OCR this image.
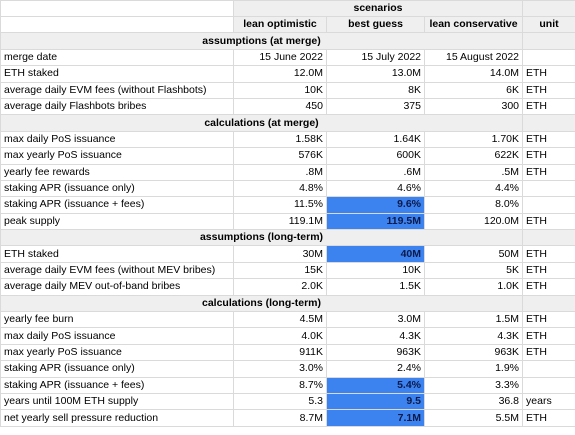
	scenarios			
	lean optimistic	best guess	lean conservative	unit
assumptions (at merge)				
merge date	15 June 2022	15 July 2022	15 August 2022	
ETH staked	12.0M	13.0M	14.0M	ETH
average daily EVM fees (without Flashbots)	10K	8K	6K	ETH
average daily Flashbots bribes	450	375	300	ETH
calculations (at merge)				
max daily PoS issuance	1.58K	1.64K	1.70K	ETH
max yearly PoS issuance	576K	600K	622K	ETH
yearly fee rewards	.8M	.6M	.5M	ETH
staking APR (issuance only)	4.8%	4.6%	4.4%	
staking APR (issuance + fees)	11.5%	9.6%	8.0%	
peak supply	119.1M	119.5M	120.0M	ETH
assumptions (long-term)				
ETH staked	30M	40M	50M	ETH
average daily EVM fees (without MEV bribes)	15K	10K	5K	ETH
average daily MEV out-of-band bribes	2.0K	1.5K	1.0K	ETH
calculations (long-term)				
yearly fee burn	4.5M	3.0M	1.5M	ETH
max daily PoS issuance	4.0K	4.3K	4.3K	ETH
max yearly PoS issuance	911K	963K	963K	ETH
staking APR (issuance only)	3.0%	2.4%	1.9%	
staking APR (issuance + fees)	8.7%	5.4%	3.3%	
years until 100M ETH supply	5.3	9.5	36.8	years
net yearly sell pressure reduction	8.7M	7.1M	5.5M	ETH
